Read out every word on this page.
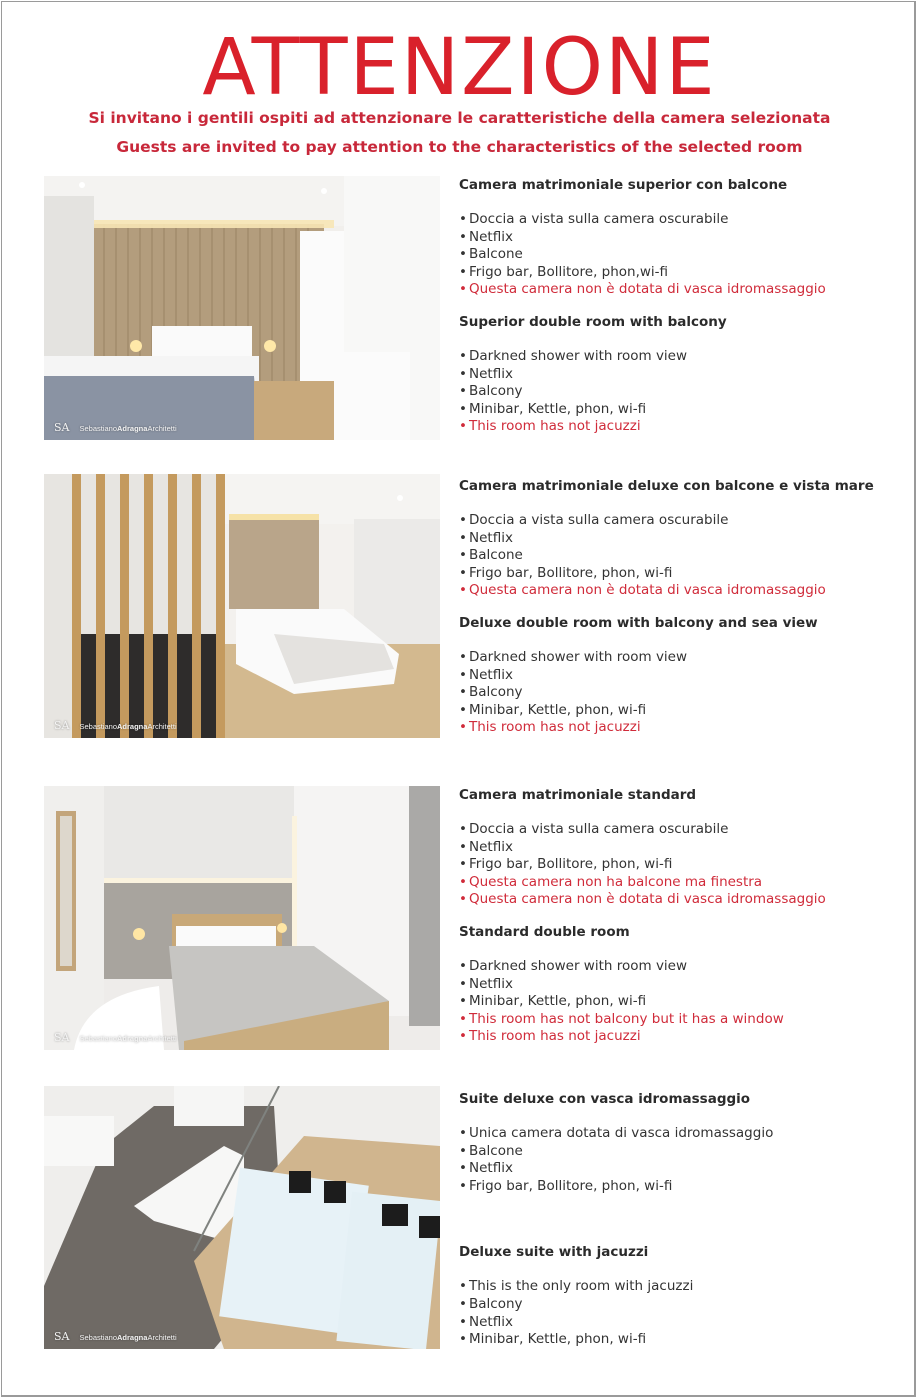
ATTENZIONE
Si invitano i gentili ospiti ad attenzionare le caratteristiche della camera selezionata
Guests are invited to pay attention to the characteristics of the selected room
SA SebastianoAdragnaArchitetti
Camera matrimoniale superior con balcone
• Doccia a vista sulla camera oscurabile
• Netflix
• Balcone
• Frigo bar, Bollitore, phon,wi-fi
• Questa camera non è dotata di vasca idromassaggio
Superior double room with balcony
• Darkned shower with room view
• Netflix
• Balcony
• Minibar, Kettle, phon, wi-fi
• This room has not jacuzzi
SA SebastianoAdragnaArchitetti
Camera matrimoniale deluxe con balcone e vista mare
• Doccia a vista sulla camera oscurabile
• Netflix
• Balcone
• Frigo bar, Bollitore, phon, wi-fi
• Questa camera non è dotata di vasca idromassaggio
Deluxe double room with balcony and sea view
• Darkned shower with room view
• Netflix
• Balcony
• Minibar, Kettle, phon, wi-fi
• This room has not jacuzzi
SA SebastianoAdragnaArchitetti
Camera matrimoniale standard
• Doccia a vista sulla camera oscurabile
• Netflix
• Frigo bar, Bollitore, phon, wi-fi
• Questa camera non ha balcone ma finestra
• Questa camera non è dotata di vasca idromassaggio
Standard double room
• Darkned shower with room view
• Netflix
• Minibar, Kettle, phon, wi-fi
• This room has not balcony but it has a window
• This room has not jacuzzi
SA SebastianoAdragnaArchitetti
Suite deluxe con vasca idromassaggio
• Unica camera dotata di vasca idromassaggio
• Balcone
• Netflix
• Frigo bar, Bollitore, phon, wi-fi
Deluxe suite with jacuzzi
• This is the only room with jacuzzi
• Balcony
• Netflix
• Minibar, Kettle, phon, wi-fi
